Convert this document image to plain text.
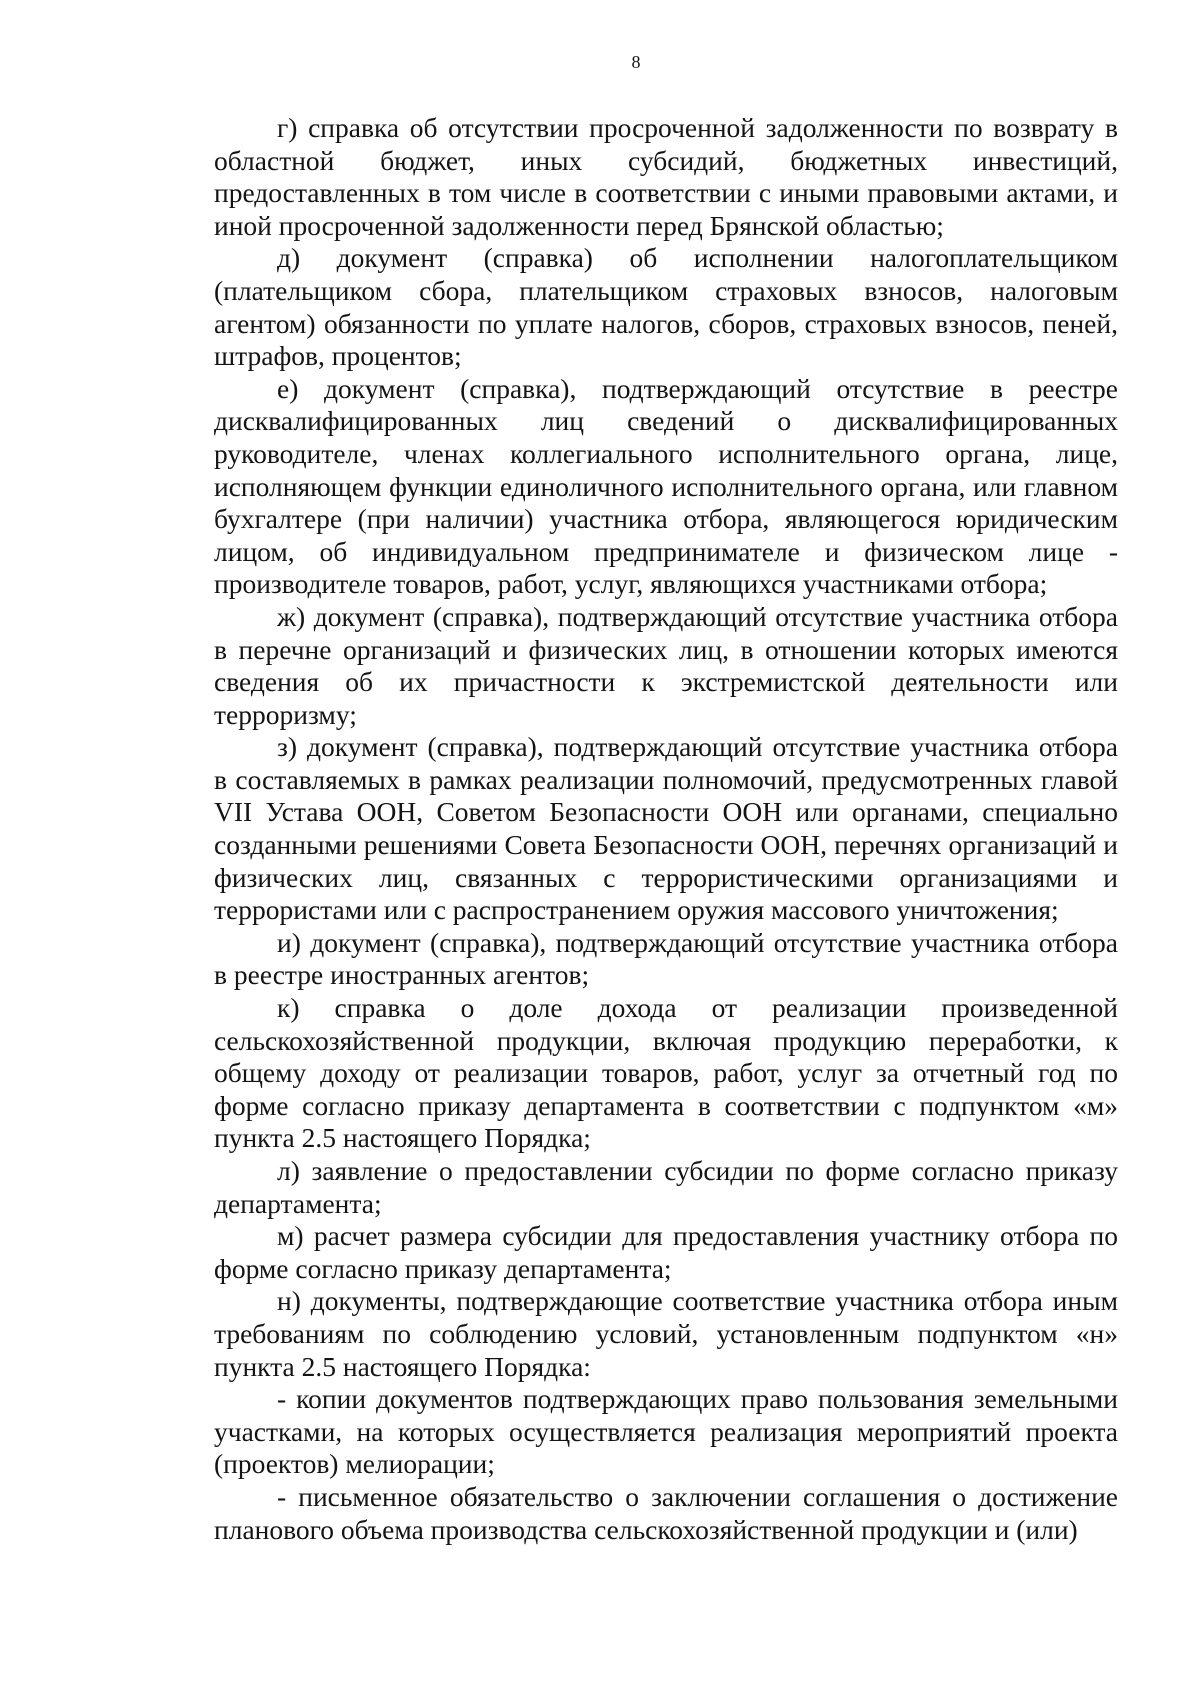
8

г) справка об отсутствии просроченной задолженности по возврату в областной бюджет, иных субсидий, бюджетных инвестиций, предоставленных в том числе в соответствии с иными правовыми актами, и иной просроченной задолженности перед Брянской областью;

д) документ (справка) об исполнении налогоплательщиком (плательщиком сбора, плательщиком страховых взносов, налоговым агентом) обязанности по уплате налогов, сборов, страховых взносов, пеней, штрафов, процентов;

е) документ (справка), подтверждающий отсутствие в реестре дисквалифицированных лиц сведений о дисквалифицированных руководителе, членах коллегиального исполнительного органа, лице, исполняющем функции единоличного исполнительного органа, или главном бухгалтере (при наличии) участника отбора, являющегося юридическим лицом, об индивидуальном предпринимателе и физическом лице - производителе товаров, работ, услуг, являющихся участниками отбора;

ж) документ (справка), подтверждающий отсутствие участника отбора в перечне организаций и физических лиц, в отношении которых имеются сведения об их причастности к экстремистской деятельности или терроризму;

з) документ (справка), подтверждающий отсутствие участника отбора в составляемых в рамках реализации полномочий, предусмотренных главой VII Устава ООН, Советом Безопасности ООН или органами, специально созданными решениями Совета Безопасности ООН, перечнях организаций и физических лиц, связанных с террористическими организациями и террористами или с распространением оружия массового уничтожения;

и) документ (справка), подтверждающий отсутствие участника отбора в реестре иностранных агентов;

к) справка о доле дохода от реализации произведенной сельскохозяйственной продукции, включая продукцию переработки, к общему доходу от реализации товаров, работ, услуг за отчетный год по форме согласно приказу департамента в соответствии с подпунктом «м» пункта 2.5 настоящего Порядка;

л) заявление о предоставлении субсидии по форме согласно приказу департамента;

м) расчет размера субсидии для предоставления участнику отбора по форме согласно приказу департамента;

н) документы, подтверждающие соответствие участника отбора иным требованиям по соблюдению условий, установленным подпунктом «н» пункта 2.5 настоящего Порядка:

- копии документов подтверждающих право пользования земельными участками, на которых осуществляется реализация мероприятий проекта (проектов) мелиорации;

- письменное обязательство о заключении соглашения о достижение планового объема производства сельскохозяйственной продукции и (или)
